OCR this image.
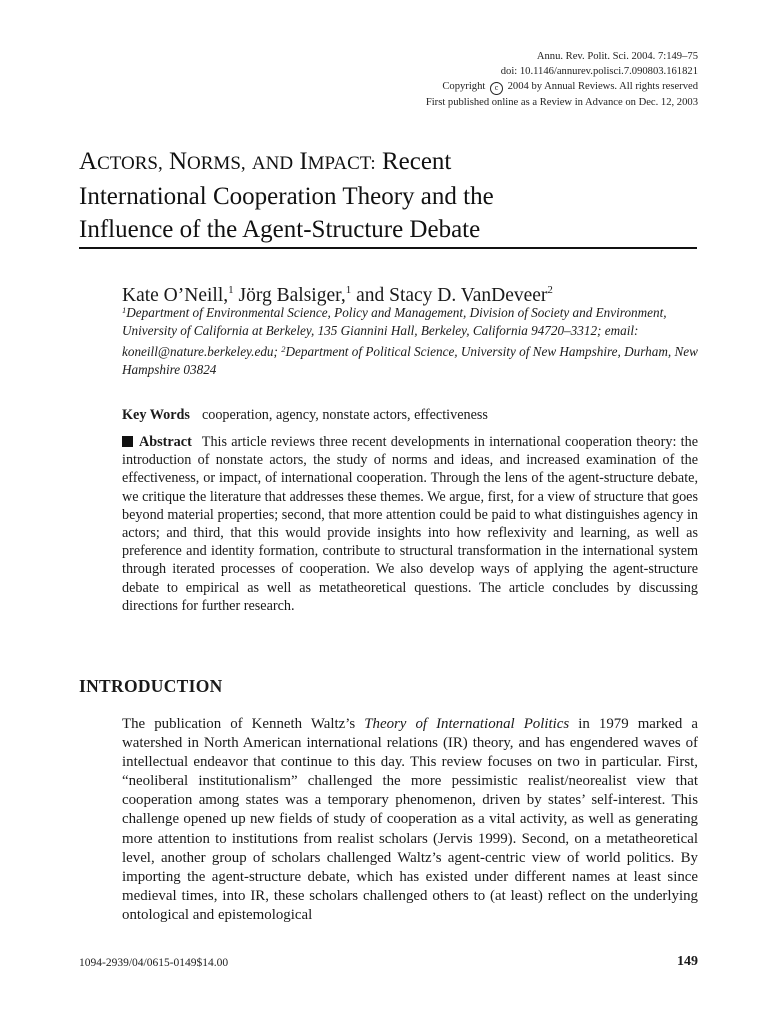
Annu. Rev. Polit. Sci. 2004. 7:149–75
doi: 10.1146/annurev.polisci.7.090803.161821
Copyright c 2004 by Annual Reviews. All rights reserved
First published online as a Review in Advance on Dec. 12, 2003
ACTORS, NORMS, AND IMPACT: Recent
International Cooperation Theory and the
Influence of the Agent-Structure Debate
Kate O’Neill,$^1$ Jörg Balsiger,$^1$ and Stacy D. VanDeveer$^2$
$^1$Department of Environmental Science, Policy and Management, Division of Society and Environment, University of California at Berkeley, 135 Giannini Hall, Berkeley, California 94720–3312; email: koneill@nature.berkeley.edu; $^2$Department of Political Science, University of New Hampshire, Durham, New Hampshire 03824
Key Words cooperation, agency, nonstate actors, effectiveness
Abstract This article reviews three recent developments in international cooperation theory: the introduction of nonstate actors, the study of norms and ideas, and increased examination of the effectiveness, or impact, of international cooperation. Through the lens of the agent-structure debate, we critique the literature that addresses these themes. We argue, first, for a view of structure that goes beyond material properties; second, that more attention could be paid to what distinguishes agency in actors; and third, that this would provide insights into how reflexivity and learning, as well as preference and identity formation, contribute to structural transformation in the international system through iterated processes of cooperation. We also develop ways of applying the agent-structure debate to empirical as well as metatheoretical questions. The article concludes by discussing directions for further research.
INTRODUCTION
The publication of Kenneth Waltz’s Theory of International Politics in 1979 marked a watershed in North American international relations (IR) theory, and has engendered waves of intellectual endeavor that continue to this day. This review focuses on two in particular. First, “neoliberal institutionalism” challenged the more pessimistic realist/neorealist view that cooperation among states was a temporary phenomenon, driven by states’ self-interest. This challenge opened up new fields of study of cooperation as a vital activity, as well as generating more attention to institutions from realist scholars (Jervis 1999). Second, on a metatheoretical level, another group of scholars challenged Waltz’s agent-centric view of world politics. By importing the agent-structure debate, which has existed under different names at least since medieval times, into IR, these scholars challenged others to (at least) reflect on the underlying ontological and epistemological
1094-2939/04/0615-0149$14.00	149
